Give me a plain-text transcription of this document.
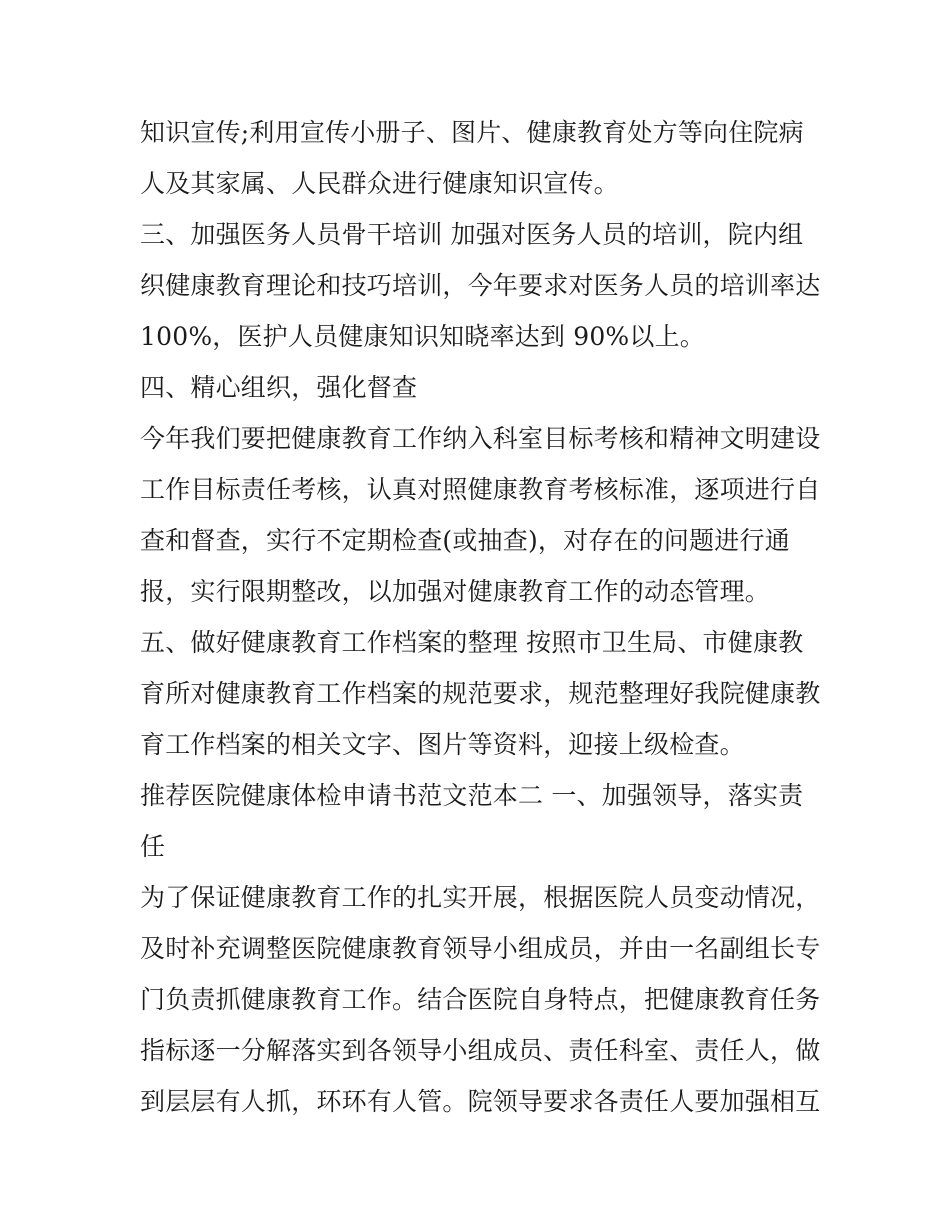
知识宣传;利用宣传小册子、图片、健康教育处方等向住院病
人及其家属、人民群众进行健康知识宣传。
三、加强医务人员骨干培训 加强对医务人员的培训，院内组
织健康教育理论和技巧培训，今年要求对医务人员的培训率达
100%，医护人员健康知识知晓率达到 90%以上。
四、精心组织，强化督查
今年我们要把健康教育工作纳入科室目标考核和精神文明建设
工作目标责任考核，认真对照健康教育考核标准，逐项进行自
查和督查，实行不定期检查(或抽查)，对存在的问题进行通
报，实行限期整改，以加强对健康教育工作的动态管理。
五、做好健康教育工作档案的整理 按照市卫生局、市健康教
育所对健康教育工作档案的规范要求，规范整理好我院健康教
育工作档案的相关文字、图片等资料，迎接上级检查。
推荐医院健康体检申请书范文范本二 一、加强领导，落实责
任
为了保证健康教育工作的扎实开展，根据医院人员变动情况，
及时补充调整医院健康教育领导小组成员，并由一名副组长专
门负责抓健康教育工作。结合医院自身特点，把健康教育任务
指标逐一分解落实到各领导小组成员、责任科室、责任人，做
到层层有人抓，环环有人管。院领导要求各责任人要加强相互
